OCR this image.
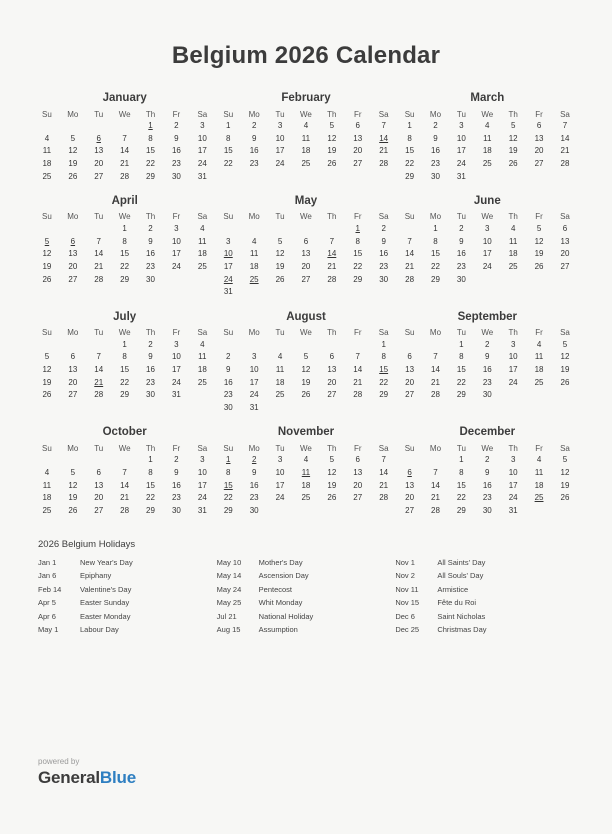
Belgium 2026 Calendar
January
Su	Mo	Tu	We	Th	Fr	Sa
				1	2	3
4	5	6	7	8	9	10
11	12	13	14	15	16	17
18	19	20	21	22	23	24
25	26	27	28	29	30	31
February
Su	Mo	Tu	We	Th	Fr	Sa
1	2	3	4	5	6	7
8	9	10	11	12	13	14
15	16	17	18	19	20	21
22	23	24	25	26	27	28
March
Su	Mo	Tu	We	Th	Fr	Sa
1	2	3	4	5	6	7
8	9	10	11	12	13	14
15	16	17	18	19	20	21
22	23	24	25	26	27	28
29	30	31				
April
Su	Mo	Tu	We	Th	Fr	Sa
			1	2	3	4
5	6	7	8	9	10	11
12	13	14	15	16	17	18
19	20	21	22	23	24	25
26	27	28	29	30		
May
Su	Mo	Tu	We	Th	Fr	Sa
					1	2
3	4	5	6	7	8	9
10	11	12	13	14	15	16
17	18	19	20	21	22	23
24	25	26	27	28	29	30
31						
June
Su	Mo	Tu	We	Th	Fr	Sa
	1	2	3	4	5	6
7	8	9	10	11	12	13
14	15	16	17	18	19	20
21	22	23	24	25	26	27
28	29	30				
July
Su	Mo	Tu	We	Th	Fr	Sa
			1	2	3	4
5	6	7	8	9	10	11
12	13	14	15	16	17	18
19	20	21	22	23	24	25
26	27	28	29	30	31	
August
Su	Mo	Tu	We	Th	Fr	Sa
						1
2	3	4	5	6	7	8
9	10	11	12	13	14	15
16	17	18	19	20	21	22
23	24	25	26	27	28	29
30	31					
September
Su	Mo	Tu	We	Th	Fr	Sa
		1	2	3	4	5
6	7	8	9	10	11	12
13	14	15	16	17	18	19
20	21	22	23	24	25	26
27	28	29	30			
October
Su	Mo	Tu	We	Th	Fr	Sa
				1	2	3
4	5	6	7	8	9	10
11	12	13	14	15	16	17
18	19	20	21	22	23	24
25	26	27	28	29	30	31
November
Su	Mo	Tu	We	Th	Fr	Sa
1	2	3	4	5	6	7
8	9	10	11	12	13	14
15	16	17	18	19	20	21
22	23	24	25	26	27	28
29	30					
December
Su	Mo	Tu	We	Th	Fr	Sa
		1	2	3	4	5
6	7	8	9	10	11	12
13	14	15	16	17	18	19
20	21	22	23	24	25	26
27	28	29	30	31		
2026 Belgium Holidays
Jan 1	New Year's Day
Jan 6	Epiphany
Feb 14	Valentine's Day
Apr 5	Easter Sunday
Apr 6	Easter Monday
May 1	Labour Day
May 10	Mother's Day
May 14	Ascension Day
May 24	Pentecost
May 25	Whit Monday
Jul 21	National Holiday
Aug 15	Assumption
Nov 1	All Saints' Day
Nov 2	All Souls' Day
Nov 11	Armistice
Nov 15	Fête du Roi
Dec 6	Saint Nicholas
Dec 25	Christmas Day
powered by
GeneralBlue
